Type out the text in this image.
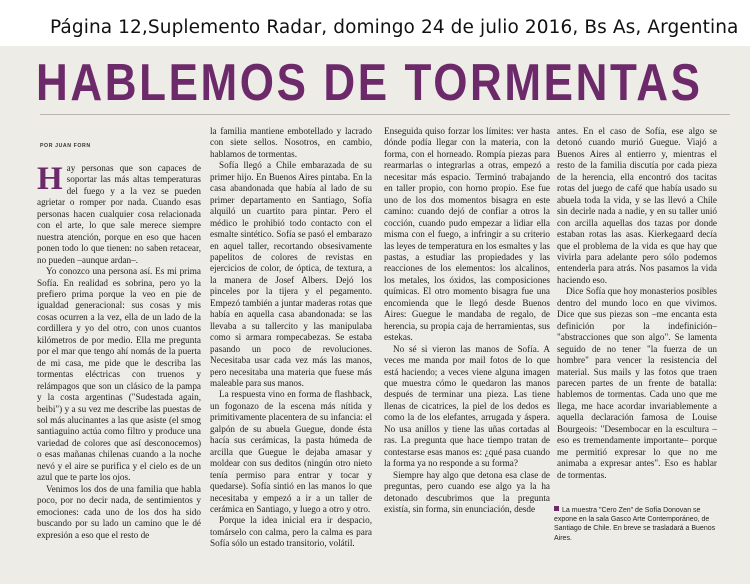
Página 12,Suplemento Radar, domingo 24 de julio 2016, Bs As, Argentina
HABLEMOS DE TORMENTAS
POR JUAN FORN

Hay personas que son capaces de soportar las más altas temperaturas del fuego y a la vez se pueden agrietar o romper por nada. Cuando esas personas hacen cualquier cosa relacionada con el arte, lo que sale merece siempre nuestra atención, porque en eso que hacen ponen todo lo que tienen: no saben retacear, no pueden –aunque ardan–.

Yo conozco una persona así. Es mi prima Sofía. En realidad es sobrina, pero yo la prefiero prima porque la veo en pie de igualdad generacional: sus cosas y mis cosas ocurren a la vez, ella de un lado de la cordillera y yo del otro, con unos cuantos kilómetros de por medio. Ella me pregunta por el mar que tengo ahí nomás de la puerta de mi casa, me pide que le describa las tormentas eléctricas con truenos y relámpagos que son un clásico de la pampa y la costa argentinas ("Sudestada again, beibi") y a su vez me describe las puestas de sol más alucinantes a las que asiste (el smog santiaguino actúa como filtro y produce una variedad de colores que así desconocemos) o esas mañanas chilenas cuando a la noche nevó y el aire se purifica y el cielo es de un azul que te parte los ojos.

Venimos los dos de una familia que habla poco, por no decir nada, de sentimientos y emociones: cada uno de los dos ha sido buscando por su lado un camino que le dé expresión a eso que el resto de

la familia mantiene embotellado y lacrado con siete sellos. Nosotros, en cambio, hablamos de tormentas.

Sofía llegó a Chile embarazada de su primer hijo. En Buenos Aires pintaba. En la casa abandonada que había al lado de su primer departamento en Santiago, Sofía alquiló un cuartito para pintar. Pero el médico le prohibió todo contacto con el esmalte sintético. Sofía se pasó el embarazo en aquel taller, recortando obsesivamente papelitos de colores de revistas en ejercicios de color, de óptica, de textura, a la manera de Josef Albers. Dejó los pinceles por la tijera y el pegamento. Empezó también a juntar maderas rotas que había en aquella casa abandonada: se las llevaba a su tallercito y las manipulaba como si armara rompecabezas. Se estaba pasando un poco de revoluciones. Necesitaba usar cada vez más las manos, pero necesitaba una materia que fuese más maleable para sus manos.

La respuesta vino en forma de flashback, un fogonazo de la escena más nítida y primitivamente placentera de su infancia: el galpón de su abuela Guegue, donde ésta hacía sus cerámicas, la pasta húmeda de arcilla que Guegue le dejaba amasar y moldear con sus deditos (ningún otro nieto tenía permiso para entrar y tocar y quedarse). Sofía sintió en las manos lo que necesitaba y empezó a ir a un taller de cerámica en Santiago, y luego a otro y otro.

Porque la idea inicial era ir despacio, tomárselo con calma, pero la calma es para Sofía sólo un estado transitorio, volátil.

Enseguida quiso forzar los límites: ver hasta dónde podía llegar con la materia, con la forma, con el horneado. Rompía piezas para rearmarlas o integrarlas a otras, empezó a necesitar más espacio. Terminó trabajando en taller propio, con horno propio. Ese fue uno de los dos momentos bisagra en este camino: cuando dejó de confiar a otros la cocción, cuando pudo empezar a lidiar ella misma con el fuego, a infringir a su criterio las leyes de temperatura en los esmaltes y las pastas, a estudiar las propiedades y las reacciones de los elementos: los alcalinos, los metales, los óxidos, las composiciones químicas. El otro momento bisagra fue una encomienda que le llegó desde Buenos Aires: Guegue le mandaba de regalo, de herencia, su propia caja de herramientas, sus estekas.

No sé si vieron las manos de Sofía. A veces me manda por mail fotos de lo que está haciendo; a veces viene alguna imagen que muestra cómo le quedaron las manos después de terminar una pieza. Las tiene llenas de cicatrices, la piel de los dedos es como la de los elefantes, arrugada y áspera. No usa anillos y tiene las uñas cortadas al ras. La pregunta que hace tiempo tratan de contestarse esas manos es: ¿qué pasa cuando la forma ya no responde a su forma?

Siempre hay algo que detona esa clase de preguntas, pero cuando ese algo ya la ha detonado descubrimos que la pregunta existía, sin forma, sin enunciación, desde

antes. En el caso de Sofía, ese algo se detonó cuando murió Guegue. Viajó a Buenos Aires al entierro y, mientras el resto de la familia discutía por cada pieza de la herencia, ella encontró dos tacitas rotas del juego de café que había usado su abuela toda la vida, y se las llevó a Chile sin decirle nada a nadie, y en su taller unió con arcilla aquellas dos tazas por donde estaban rotas las asas. Kierkegaard decía que el problema de la vida es que hay que vivirla para adelante pero sólo podemos entenderla para atrás. Nos pasamos la vida haciendo eso.

Dice Sofía que hoy monasterios posibles dentro del mundo loco en que vivimos. Dice que sus piezas son –me encanta esta definición por la indefinición– "abstracciones que son algo". Se lamenta seguido de no tener "la fuerza de un hombre" para vencer la resistencia del material. Sus mails y las fotos que traen parecen partes de un frente de batalla: hablemos de tormentas. Cada uno que me llega, me hace acordar invariablemente a aquella declaración famosa de Louise Bourgeois: "Desembocar en la escultura –eso es tremendamente importante– porque me permitió expresar lo que no me animaba a expresar antes". Eso es hablar de tormentas.

La muestra "Cero Zen" de Sofía Donovan se expone en la sala Gasco Arte Contemporáneo, de Santiago de Chile. En breve se trasladará a Buenos Aires.
